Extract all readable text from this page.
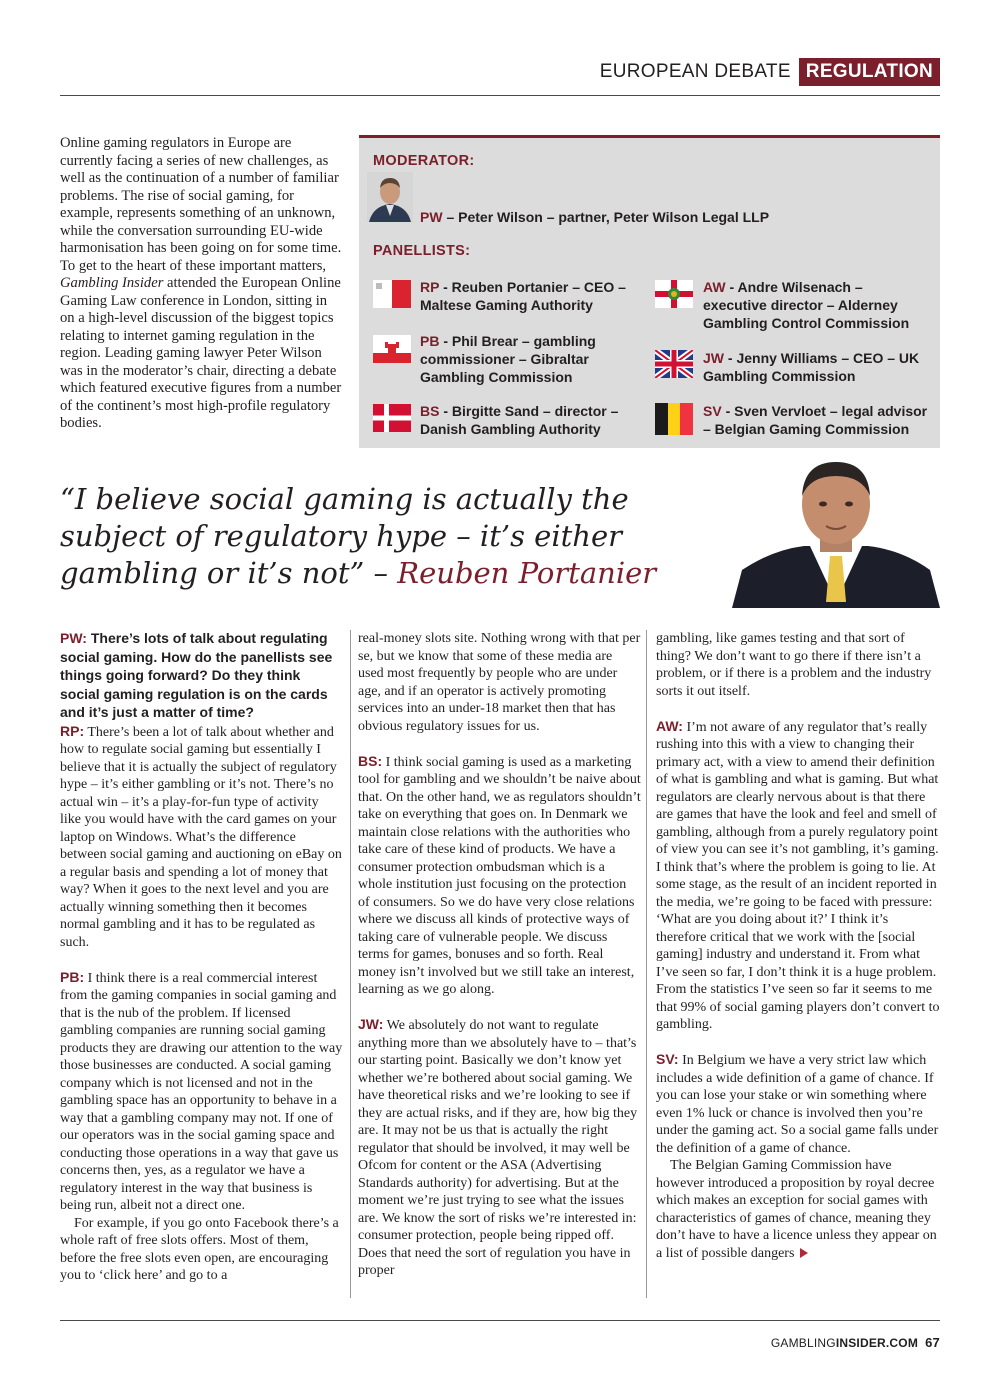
EUROPEAN DEBATE REGULATION

Online gaming regulators in Europe are currently facing a series of new challenges, as well as the continuation of a number of familiar problems. The rise of social gaming, for example, represents something of an unknown, while the conversation surrounding EU-wide harmonisation has been going on for some time. To get to the heart of these important matters, Gambling Insider attended the European Online Gaming Law conference in London, sitting in on a high-level discussion of the biggest topics relating to internet gaming regulation in the region. Leading gaming lawyer Peter Wilson was in the moderator’s chair, directing a debate which featured executive figures from a number of the continent’s most high-profile regulatory bodies.

MODERATOR:
PW – Peter Wilson – partner, Peter Wilson Legal LLP
PANELLISTS:
RP - Reuben Portanier – CEO – Maltese Gaming Authority
PB - Phil Brear – gambling commissioner – Gibraltar Gambling Commission
BS - Birgitte Sand – director – Danish Gambling Authority
AW - Andre Wilsenach – executive director – Alderney Gambling Control Commission
JW - Jenny Williams – CEO – UK Gambling Commission
SV - Sven Vervloet – legal advisor – Belgian Gaming Commission
“I believe social gaming is actually the subject of regulatory hype – it’s either gambling or it’s not” – Reuben Portanier

PW: There’s lots of talk about regulating social gaming. How do the panellists see things going forward? Do they think social gaming regulation is on the cards and it’s just a matter of time?

RP: There’s been a lot of talk about whether and how to regulate social gaming but essentially I believe that it is actually the subject of regulatory hype – it’s either gambling or it’s not. There’s no actual win – it’s a play-for-fun type of activity like you would have with the card games on your laptop on Windows. What’s the difference between social gaming and auctioning on eBay on a regular basis and spending a lot of money that way? When it goes to the next level and you are actually winning something then it becomes normal gambling and it has to be regulated as such.

PB: I think there is a real commercial interest from the gaming companies in social gaming and that is the nub of the problem. If licensed gambling companies are running social gaming products they are drawing our attention to the way those businesses are conducted. A social gaming company which is not licensed and not in the gambling space has an opportunity to behave in a way that a gambling company may not. If one of our operators was in the social gaming space and conducting those operations in a way that gave us concerns then, yes, as a regulator we have a regulatory interest in the way that business is being run, albeit not a direct one.

For example, if you go onto Facebook there’s a whole raft of free slots offers. Most of them, before the free slots even open, are encouraging you to ‘click here’ and go to a

real-money slots site. Nothing wrong with that per se, but we know that some of these media are used most frequently by people who are under age, and if an operator is actively promoting services into an under-18 market then that has obvious regulatory issues for us.

BS: I think social gaming is used as a marketing tool for gambling and we shouldn’t be naive about that. On the other hand, we as regulators shouldn’t take on everything that goes on. In Denmark we maintain close relations with the authorities who take care of these kind of products. We have a consumer protection ombudsman which is a whole institution just focusing on the protection of consumers. So we do have very close relations where we discuss all kinds of protective ways of taking care of vulnerable people. We discuss terms for games, bonuses and so forth. Real money isn’t involved but we still take an interest, learning as we go along.

JW: We absolutely do not want to regulate anything more than we absolutely have to – that’s our starting point. Basically we don’t know yet whether we’re bothered about social gaming. We have theoretical risks and we’re looking to see if they are actual risks, and if they are, how big they are. It may not be us that is actually the right regulator that should be involved, it may well be Ofcom for content or the ASA (Advertising Standards authority) for advertising. But at the moment we’re just trying to see what the issues are. We know the sort of risks we’re interested in: consumer protection, people being ripped off. Does that need the sort of regulation you have in proper

gambling, like games testing and that sort of thing? We don’t want to go there if there isn’t a problem, or if there is a problem and the industry sorts it out itself.

AW: I’m not aware of any regulator that’s really rushing into this with a view to changing their primary act, with a view to amend their definition of what is gambling and what is gaming. But what regulators are clearly nervous about is that there are games that have the look and feel and smell of gambling, although from a purely regulatory point of view you can see it’s not gambling, it’s gaming. I think that’s where the problem is going to lie. At some stage, as the result of an incident reported in the media, we’re going to be faced with pressure: ‘What are you doing about it?’ I think it’s therefore critical that we work with the [social gaming] industry and understand it. From what I’ve seen so far, I don’t think it is a huge problem. From the statistics I’ve seen so far it seems to me that 99% of social gaming players don’t convert to gambling.

SV: In Belgium we have a very strict law which includes a wide definition of a game of chance. If you can lose your stake or win something where even 1% luck or chance is involved then you’re under the gaming act. So a social game falls under the definition of a game of chance.

The Belgian Gaming Commission have however introduced a proposition by royal decree which makes an exception for social games with characteristics of games of chance, meaning they don’t have to have a licence unless they appear on a list of possible dangers

GAMBLINGINSIDER.COM 67
